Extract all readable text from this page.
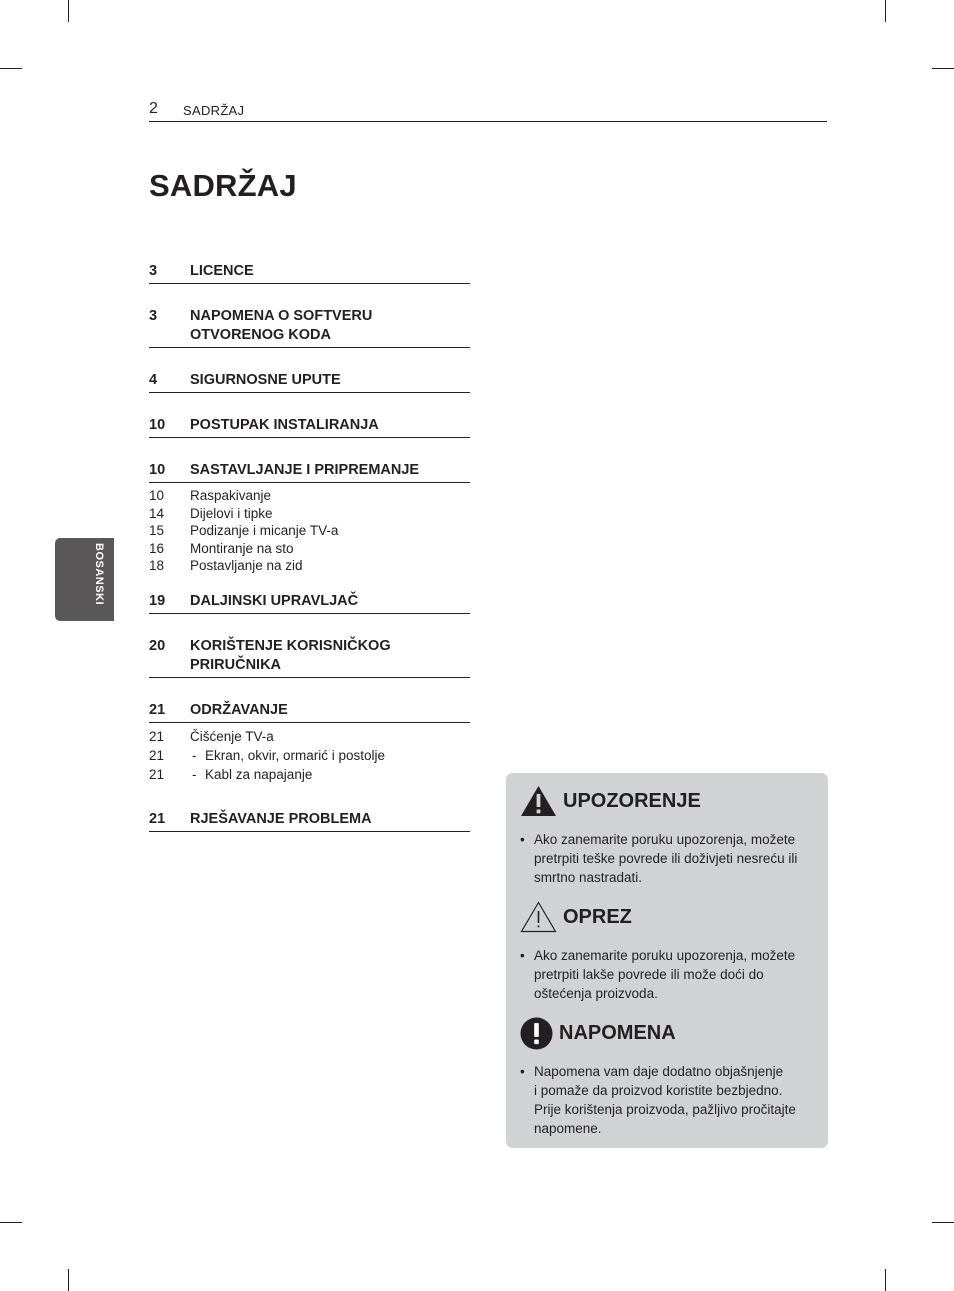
2 SADRŽAJ
SADRŽAJ
3	LICENCE
3	NAPOMENA O SOFTVERU OTVORENOG KODA
4	SIGURNOSNE UPUTE
10	POSTUPAK INSTALIRANJA
10	SASTAVLJANJE I PRIPREMANJE
10	Raspakivanje
14	Dijelovi i tipke
15	Podizanje i micanje TV-a
16	Montiranje na sto
18	Postavljanje na zid
19	DALJINSKI UPRAVLJAČ
20	KORIŠTENJE KORISNIČKOG PRIRUČNIKA
21	ODRŽAVANJE
21	Čišćenje TV-a
21	- Ekran, okvir, ormarić i postolje
21	- Kabl za napajanje
21	RJEŠAVANJE PROBLEMA
BOSANSKI
UPOZORENJE
• Ako zanemarite poruku upozorenja, možete
pretrpiti teške povrede ili doživjeti nesreću ili
smrtno nastradati.
OPREZ
• Ako zanemarite poruku upozorenja, možete
pretrpiti lakše povrede ili može doći do
oštećenja proizvoda.
NAPOMENA
• Napomena vam daje dodatno objašnjenje
i pomaže da proizvod koristite bezbjedno.
Prije korištenja proizvoda, pažljivo pročitajte
napomene.
